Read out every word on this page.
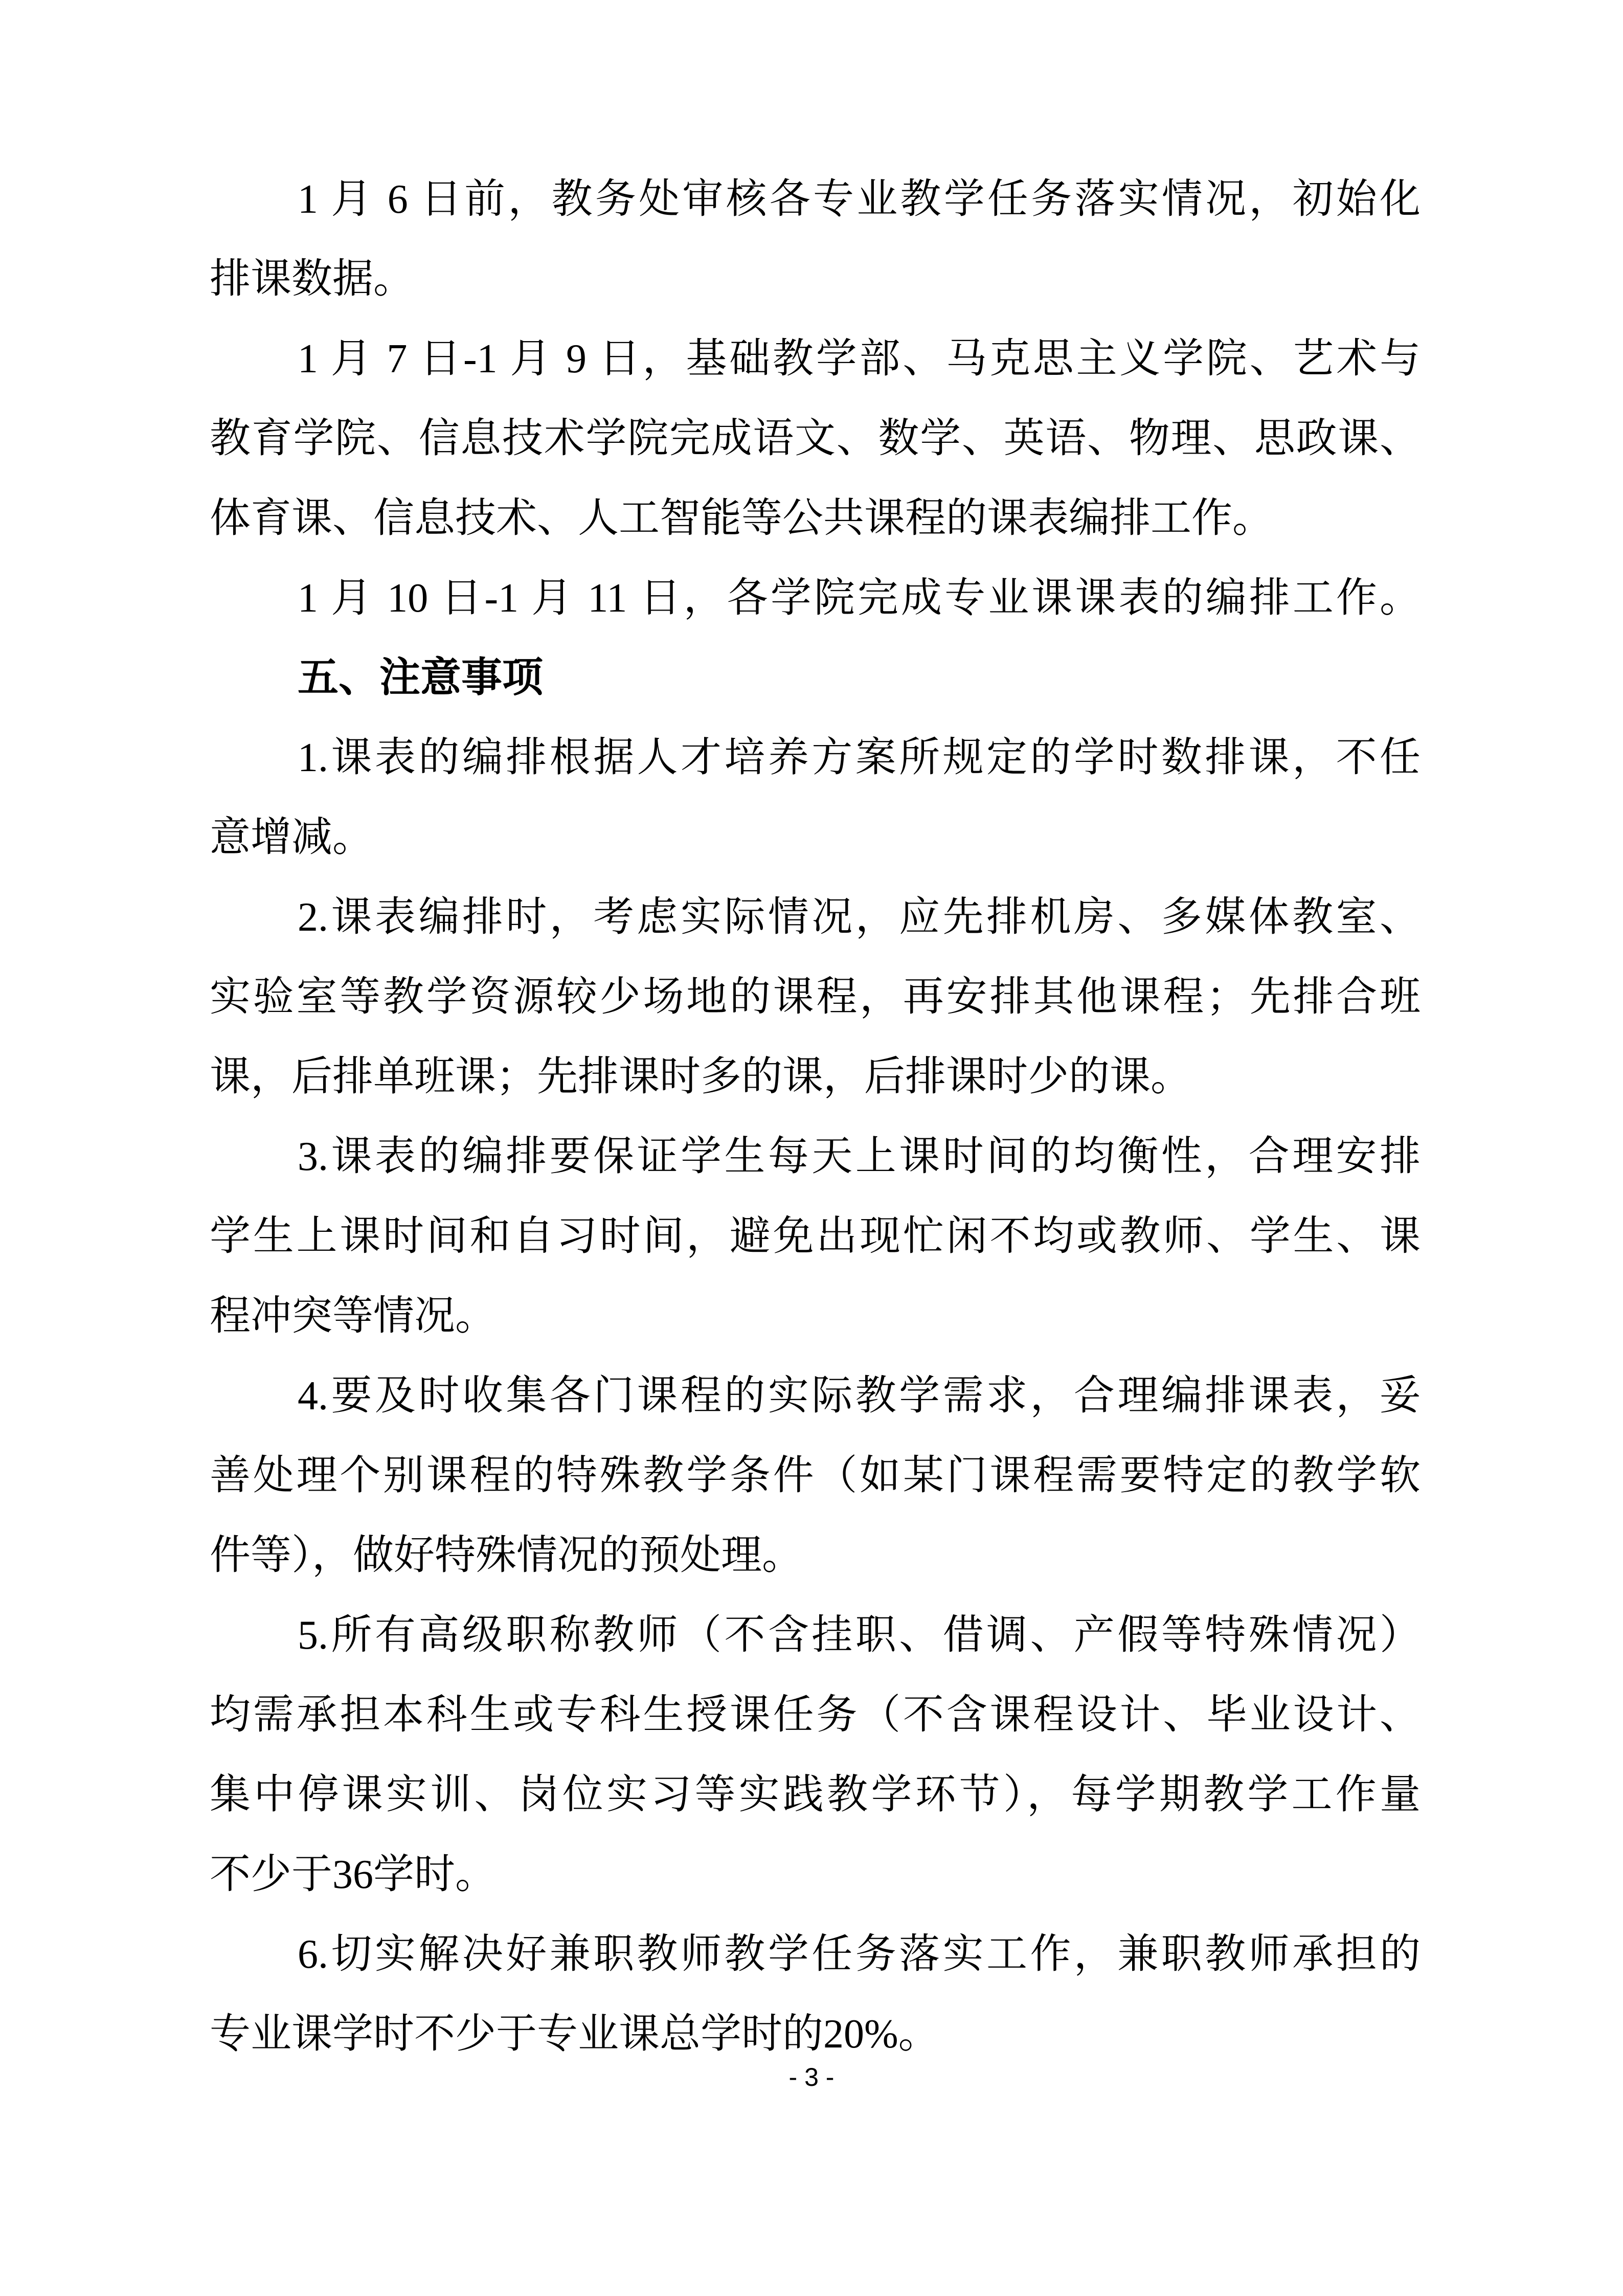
1 月 6 日前，教务处审核各专业教学任务落实情况，初始化
排课数据。
1 月 7 日-1 月 9 日，基础教学部、马克思主义学院、艺术与
教育学院、信息技术学院完成语文、数学、英语、物理、思政课、
体育课、信息技术、人工智能等公共课程的课表编排工作。
1 月 10 日-1 月 11 日，各学院完成专业课课表的编排工作。
五、注意事项
1.课表的编排根据人才培养方案所规定的学时数排课，不任
意增减。
2.课表编排时，考虑实际情况，应先排机房、多媒体教室、
实验室等教学资源较少场地的课程，再安排其他课程；先排合班
课，后排单班课；先排课时多的课，后排课时少的课。
3.课表的编排要保证学生每天上课时间的均衡性，合理安排
学生上课时间和自习时间，避免出现忙闲不均或教师、学生、课
程冲突等情况。
4.要及时收集各门课程的实际教学需求，合理编排课表，妥
善处理个别课程的特殊教学条件（如某门课程需要特定的教学软
件等），做好特殊情况的预处理。
5.所有高级职称教师（不含挂职、借调、产假等特殊情况）
均需承担本科生或专科生授课任务（不含课程设计、毕业设计、
集中停课实训、岗位实习等实践教学环节），每学期教学工作量
不少于36学时。
6.切实解决好兼职教师教学任务落实工作，兼职教师承担的
专业课学时不少于专业课总学时的20%。
- 3 -
